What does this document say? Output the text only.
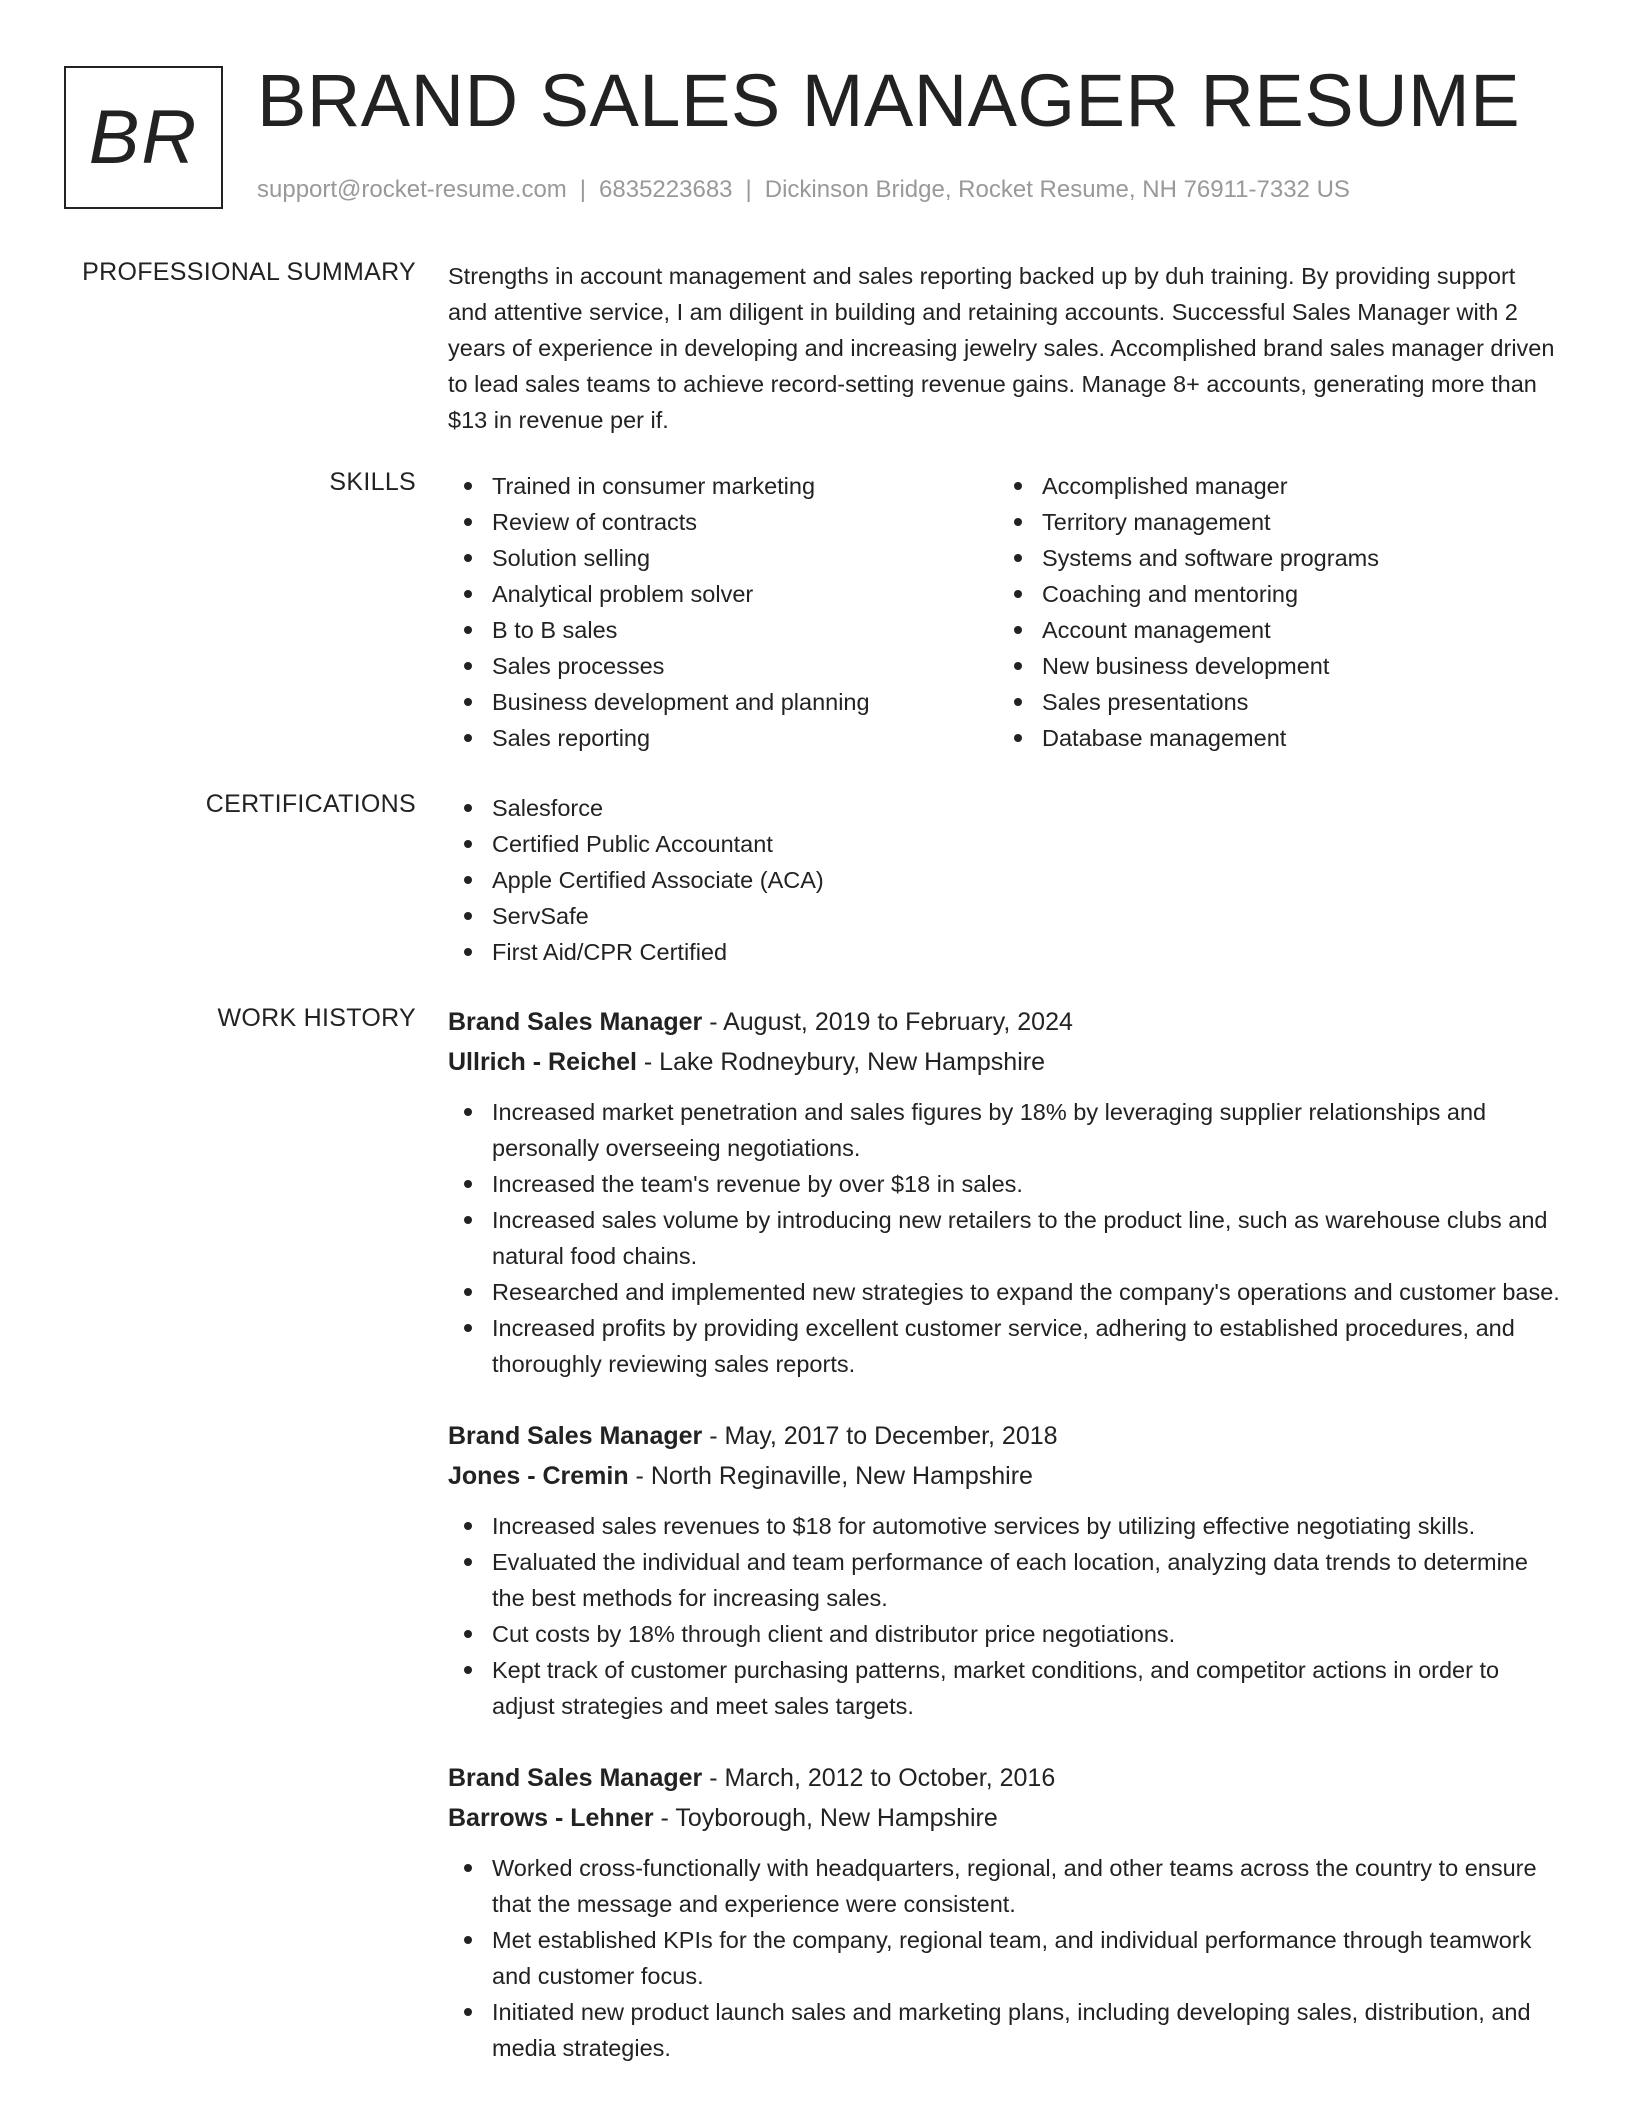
BR BRAND SALES MANAGER RESUME
support@rocket-resume.com | 6835223683 | Dickinson Bridge, Rocket Resume, NH 76911-7332 US
PROFESSIONAL SUMMARY Strengths in account management and sales reporting backed up by duh training. By providing support and attentive service, I am diligent in building and retaining accounts. Successful Sales Manager with 2 years of experience in developing and increasing jewelry sales. Accomplished brand sales manager driven to lead sales teams to achieve record-setting revenue gains. Manage 8+ accounts, generating more than $13 in revenue per if.

SKILLS	Trained in consumer marketing
Review of contracts
Solution selling
Analytical problem solver
B to B sales
Sales processes
Business development and planning
Sales reporting
Accomplished manager
Territory management
Systems and software programs
Coaching and mentoring
Account management
New business development
Sales presentations
Database management
CERTIFICATIONS	Salesforce
Certified Public Accountant
Apple Certified Associate (ACA)
ServSafe
First Aid/CPR Certified
WORK HISTORY Brand Sales Manager - August, 2019 to February, 2024
Ullrich - Reichel - Lake Rodneybury, New Hampshire
Increased market penetration and sales figures by 18% by leveraging supplier relationships and personally overseeing negotiations.
Increased the team's revenue by over $18 in sales.
Increased sales volume by introducing new retailers to the product line, such as warehouse clubs and natural food chains.
Researched and implemented new strategies to expand the company's operations and customer base.
Increased profits by providing excellent customer service, adhering to established procedures, and thoroughly reviewing sales reports.
Brand Sales Manager - May, 2017 to December, 2018
Jones - Cremin - North Reginaville, New Hampshire
Increased sales revenues to $18 for automotive services by utilizing effective negotiating skills.
Evaluated the individual and team performance of each location, analyzing data trends to determine the best methods for increasing sales.
Cut costs by 18% through client and distributor price negotiations.
Kept track of customer purchasing patterns, market conditions, and competitor actions in order to adjust strategies and meet sales targets.
Brand Sales Manager - March, 2012 to October, 2016
Barrows - Lehner - Toyborough, New Hampshire
Worked cross-functionally with headquarters, regional, and other teams across the country to ensure that the message and experience were consistent.
Met established KPIs for the company, regional team, and individual performance through teamwork and customer focus.
Initiated new product launch sales and marketing plans, including developing sales, distribution, and media strategies.
